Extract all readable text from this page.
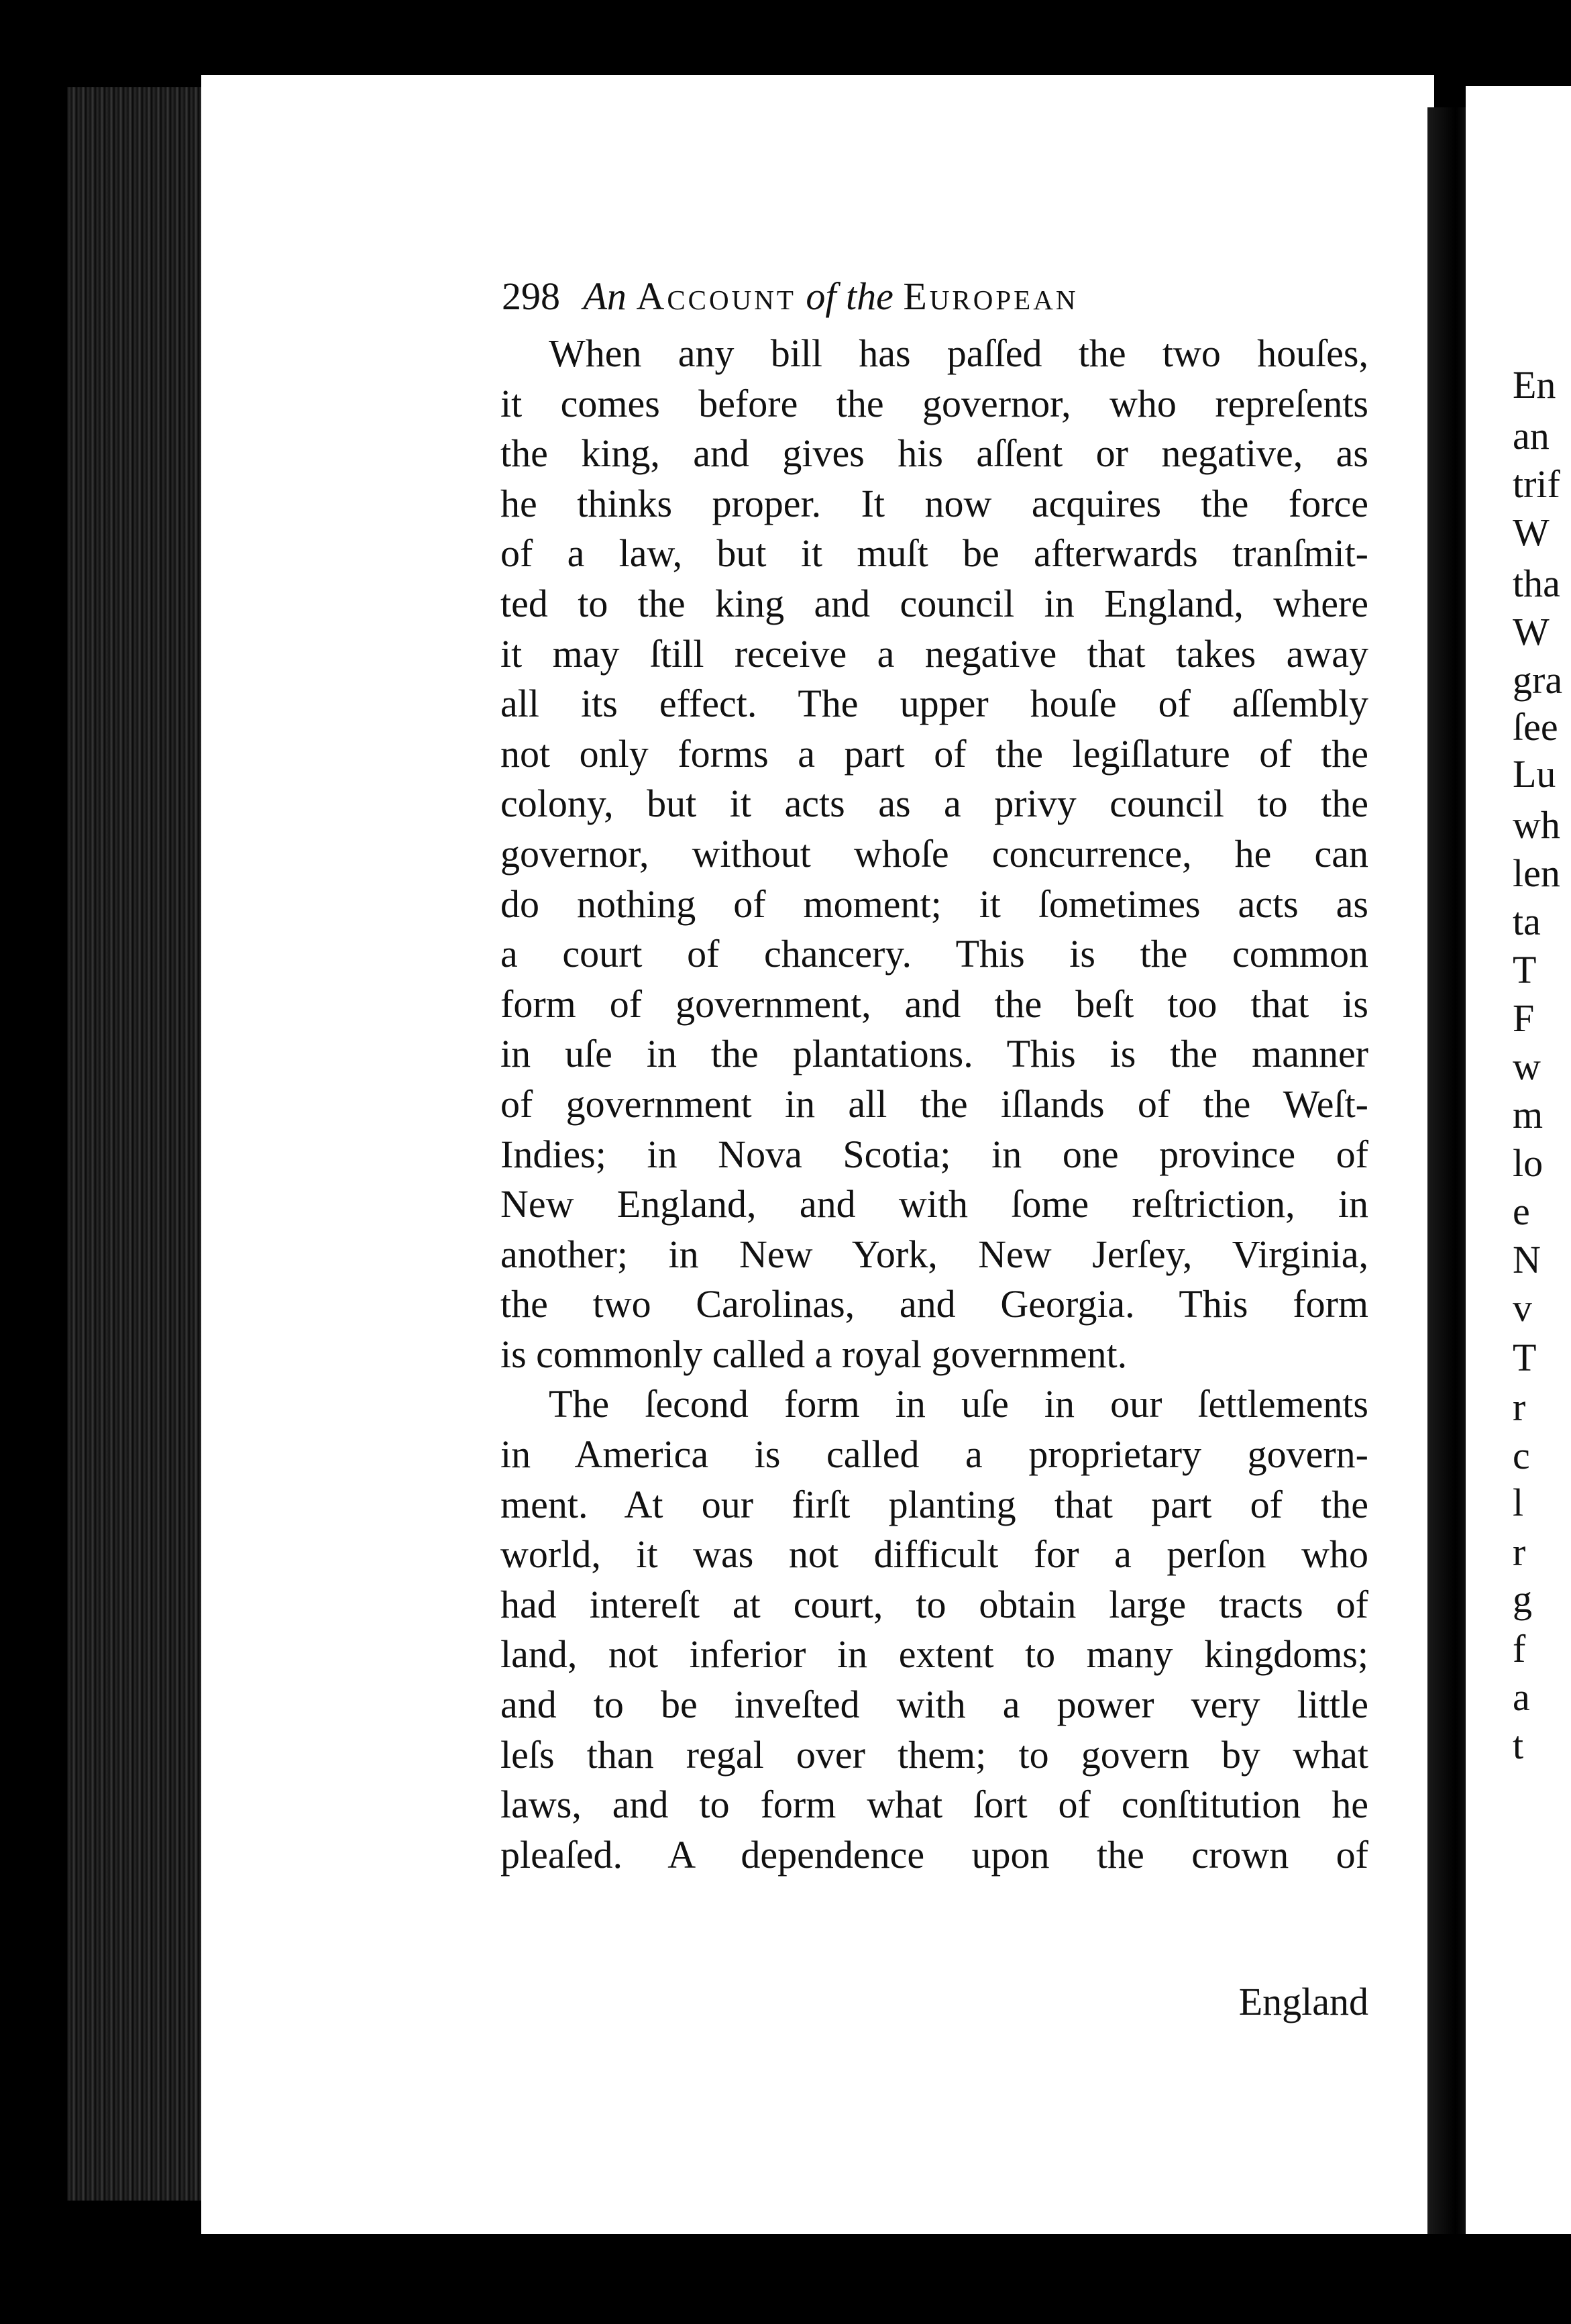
En
an
trif
W
tha
W
gra
ſee
Lu
wh
len
ta
T
F
w
m
lo
e
N
v
T
r
c
l
r
g
f
a
t
298 An Account of the European

When any bill has paſſed the two houſes,
it comes before the governor, who repreſents
the king, and gives his aſſent or negative, as
he thinks proper. It now acquires the force
of a law, but it muſt be afterwards tranſmit-
ted to the king and council in England, where
it may ſtill receive a negative that takes away
all its effect. The upper houſe of aſſembly
not only forms a part of the legiſlature of the
colony, but it acts as a privy council to the
governor, without whoſe concurrence, he can
do nothing of moment; it ſometimes acts as
a court of chancery. This is the common
form of government, and the beſt too that is
in uſe in the plantations. This is the manner
of government in all the iſlands of the Weſt-
Indies; in Nova Scotia; in one province of
New England, and with ſome reſtriction, in
another; in New York, New Jerſey, Virginia,
the two Carolinas, and Georgia. This form
is commonly called a royal government.

The ſecond form in uſe in our ſettlements
in America is called a proprietary govern-
ment. At our firſt planting that part of the
world, it was not difficult for a perſon who
had intereſt at court, to obtain large tracts of
land, not inferior in extent to many kingdoms;
and to be inveſted with a power very little
leſs than regal over them; to govern by what
laws, and to form what ſort of conſtitution he
pleaſed. A dependence upon the crown of

England
